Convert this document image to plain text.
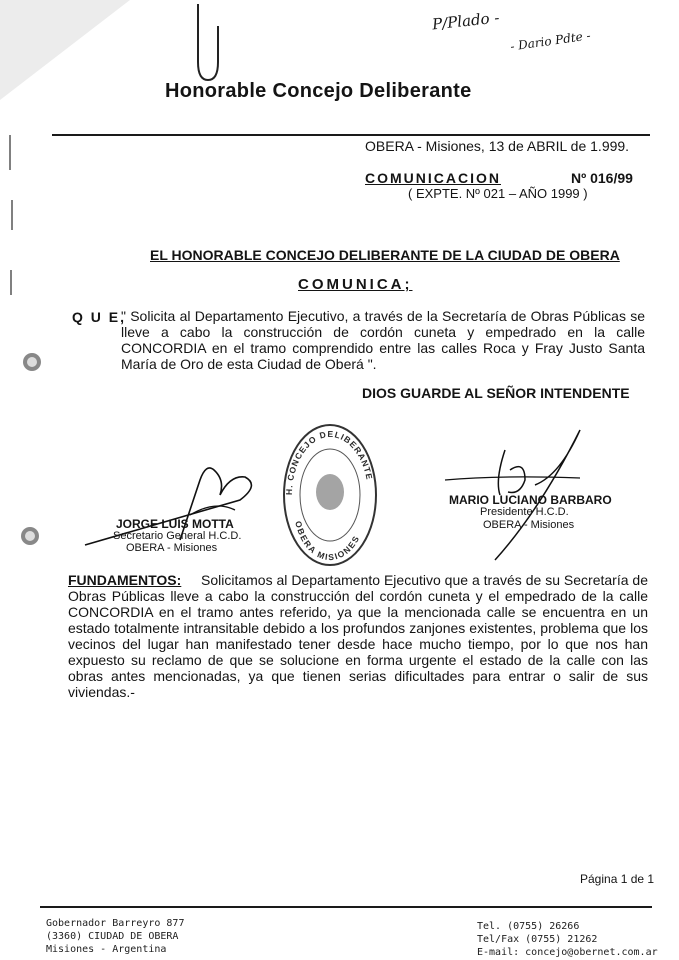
P/Plado -
- Dario Pdte -
Honorable Concejo Deliberante
OBERA - Misiones, 13 de ABRIL de 1.999.
COMUNICACION	Nº 016/99
( EXPTE. Nº 021 – AÑO 1999 )
EL HONORABLE CONCEJO DELIBERANTE DE LA CIUDAD DE OBERA
COMUNICA;
Q U E,
" Solicita al Departamento Ejecutivo, a través de la Secretaría de Obras Públicas se lleve a cabo la construcción de cordón cuneta y empedrado en la calle CONCORDIA en el tramo comprendido entre las calles Roca y Fray Justo Santa María de Oro de esta Ciudad de Oberá ".
DIOS GUARDE AL SEÑOR INTENDENTE
H. CONCEJO DELIBERANTE
OBERA MISIONES
JORGE LUIS MOTTA
Secretario General H.C.D.
OBERA - Misiones
MARIO LUCIANO BARBARO
Presidente H.C.D.
OBERA - Misiones
Solicitamos al Departamento Ejecutivo que a través de su Secretaría de Obras Públicas lleve a cabo la construcción del cordón cuneta y el empedrado de la calle CONCORDIA en el tramo antes referido, ya que la mencionada calle se encuentra en un estado totalmente intransitable debido a los profundos zanjones existentes, problema que los vecinos del lugar han manifestado tener desde hace mucho tiempo, por lo que nos han expuesto su reclamo de que se solucione en forma urgente el estado de la calle con las obras antes mencionadas, ya que tienen serias dificultades para entrar o salir de sus viviendas.-
FUNDAMENTOS:
Página 1 de 1
Gobernador Barreyro 877
(3360) CIUDAD DE OBERA
Misiones - Argentina
Tel. (0755) 26266
Tel/Fax (0755) 21262
E-mail: concejo@obernet.com.ar
